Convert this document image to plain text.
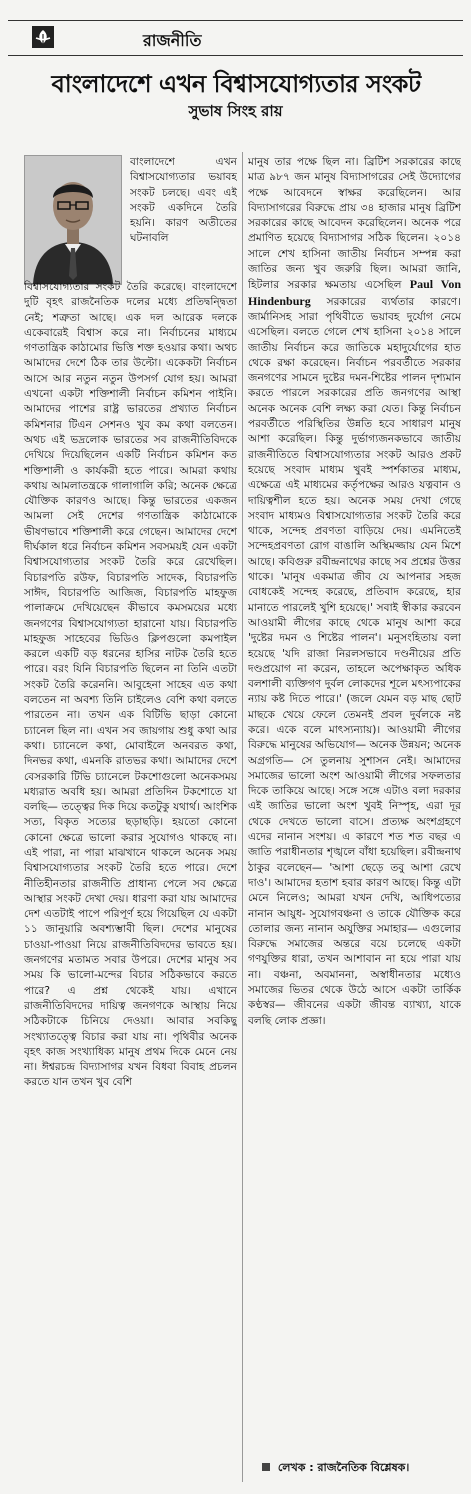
রাজনীতি
বাংলাদেশে এখন বিশ্বাসযোগ্যতার সংকট
সুভাষ সিংহ রায়
বাংলাদেশে এখন বিশ্বাসযোগ্যতার ভয়াবহ সংকট চলছে। এবং এই সংকট একদিনে তৈরি হয়নি। কারণ অতীতের ঘটনাবলি
বিশ্বাসযোগ্যতার সংকট তৈরি করেছে। বাংলাদেশে দুটি বৃহৎ রাজনৈতিক দলের মধ্যে প্রতিদ্বন্দ্বিতা নেই; শত্রুতা আছে। এক দল আরেক দলকে একেবারেই বিশ্বাস করে না। নির্বাচনের মাধ্যমে গণতান্ত্রিক কাঠামোর ভিত্তি শক্ত হওয়ার কথা। অথচ আমাদের দেশে ঠিক তার উল্টো। একেকটা নির্বাচন আসে আর নতুন নতুন উপসর্গ যোগ হয়। আমরা এখনো একটা শক্তিশালী নির্বাচন কমিশন পাইনি। আমাদের পাশের রাষ্ট্র ভারতের প্রখ্যাত নির্বাচন কমিশনার টিএন সেশনও খুব কম কথা বলতেন। অথচ এই ভদ্রলোক ভারতের সব রাজনীতিবিদকে দেখিয়ে দিয়েছিলেন একটি নির্বাচন কমিশন কত শক্তিশালী ও কার্যকরী হতে পারে। আমরা কথায় কথায় আমলাতন্ত্রকে গালাগালি করি; অনেক ক্ষেত্রে যৌক্তিক কারণও আছে। কিন্তু ভারতের একজন আমলা সেই দেশের গণতান্ত্রিক কাঠামোকে ভীষণভাবে শক্তিশালী করে গেছেন। আমাদের দেশে দীর্ঘকাল ধরে নির্বাচন কমিশন সবসময়ই যেন একটা বিশ্বাসযোগ্যতার সংকট তৈরি করে রেখেছিল। বিচারপতি রউফ, বিচারপতি সাদেক, বিচারপতি সাঈদ, বিচারপতি আজিজ, বিচারপতি মাহফুজ পালাক্রমে দেখিয়েছেন কীভাবে কমসময়ের মধ্যে জনগণের বিশ্বাসযোগ্যতা হারানো যায়। বিচারপতি মাহফুজ সাহেবের ভিডিও ক্লিপগুলো কমপাইল করলে একটি বড় ধরনের হাসির নাটক তৈরি হতে পারে। বরং যিনি বিচারপতি ছিলেন না তিনি এতটা সংকট তৈরি করেননি। আবুহেনা সাহেব এত কথা বলতেন না অবশ্য তিনি চাইলেও বেশি কথা বলতে পারতেন না। তখন এক বিটিভি ছাড়া কোনো চ্যানেল ছিল না। এখন সব জায়গায় শুধু কথা আর কথা। চ্যানেলে কথা, মোবাইলে অনবরত কথা, দিনভর কথা, এমনকি রাতভর কথা। আমাদের দেশে বেসরকারি টিভি চ্যানেলে টকশোগুলো অনেকসময় মধ্যরাত অবধি হয়। আমরা প্রতিদিন টকশোতে যা বলছি— তত্ত্বের দিক দিয়ে কতটুকু যথার্থ। আংশিক সত্য, বিকৃত সত্যের ছড়াছড়ি। হয়তো কোনো কোনো ক্ষেত্রে ভালো করার সুযোগও থাকছে না। এই পারা, না পারা মাঝখানে থাকলে অনেক সময় বিশ্বাসযোগ্যতার সংকট তৈরি হতে পারে। দেশে নীতিহীনতার রাজনীতি প্রাধান্য পেলে সব ক্ষেত্রে আস্থার সংকট দেখা দেয়। ধারণা করা যায় আমাদের দেশ এতটাই পাপে পরিপূর্ণ হয়ে গিয়েছিল যে একটা ১১ জানুয়ারি অবশ্যম্ভাবী ছিল। দেশের মানুষের চাওয়া-পাওয়া নিয়ে রাজনীতিবিদদের ভাবতে হয়। জনগণের মতামত সবার উপরে। দেশের মানুষ সব সময় কি ভালো-মন্দের বিচার সঠিকভাবে করতে পারে? এ প্রশ্ন থেকেই যায়। এখানে রাজনীতিবিদদের দায়িত্ব জনগণকে আস্থায় নিয়ে সঠিকটাকে চিনিয়ে দেওয়া। আবার সবকিছু সংখ্যাতত্ত্বে বিচার করা যায় না। পৃথিবীর অনেক বৃহৎ কাজ সংখ্যাধিক্য মানুষ প্রথম দিকে মেনে নেয় না। ঈশ্বরচন্দ্র বিদ্যাসাগর যখন বিধবা বিবাহ প্রচলন করতে যান তখন খুব বেশি
মানুষ তার পক্ষে ছিল না। ব্রিটিশ সরকারের কাছে মাত্র ৯৮৭ জন মানুষ বিদ্যাসাগরের সেই উদ্যোগের পক্ষে আবেদনে স্বাক্ষর করেছিলেন। আর বিদ্যাসাগরের বিরুদ্ধে প্রায় ৩৪ হাজার মানুষ ব্রিটিশ সরকারের কাছে আবেদন করেছিলেন। অনেক পরে প্রমাণিত হয়েছে বিদ্যাসাগর সঠিক ছিলেন। ২০১৪ সালে শেখ হাসিনা জাতীয় নির্বাচন সম্পন্ন করা জাতির জন্য খুব জরুরি ছিল। আমরা জানি, হিটলার সরকার ক্ষমতায় এসেছিল Paul Von Hindenburg সরকারের ব্যর্থতার কারণে। জার্মানিসহ সারা পৃথিবীতে ভয়াবহ দুর্যোগ নেমে এসেছিল। বলতে গেলে শেখ হাসিনা ২০১৪ সালে জাতীয় নির্বাচন করে জাতিকে মহাদুর্যোগের হাত থেকে রক্ষা করেছেন। নির্বাচন পরবর্তীতে সরকার জনগণের সামনে দুষ্টের দমন-শিষ্টের পালন দৃশ্যমান করতে পারলে সরকারের প্রতি জনগণের আস্থা অনেক অনেক বেশি লক্ষ্য করা যেত। কিন্তু নির্বাচন পরবর্তীতে পরিস্থিতির উন্নতি হবে সাধারণ মানুষ আশা করেছিল। কিন্তু দুর্ভাগ্যজনকভাবে জাতীয় রাজনীতিতে বিশ্বাসযোগ্যতার সংকট আরও প্রকট হয়েছে সংবাদ মাধ্যম খুবই স্পর্শকাতর মাধ্যম, এক্ষেত্রে এই মাধ্যমের কর্তৃপক্ষের আরও যত্নবান ও দায়িত্বশীল হতে হয়। অনেক সময় দেখা গেছে সংবাদ মাধ্যমও বিশ্বাসযোগ্যতার সংকট তৈরি করে থাকে, সন্দেহ প্রবণতা বাড়িয়ে দেয়। এমনিতেই সন্দেহপ্রবণতা রোগ বাঙালি অস্থিমজ্জায় যেন মিশে আছে। কবিগুরু রবীন্দ্রনাথের কাছে সব প্রশ্নের উত্তর থাকে। 'মানুষ একমাত্র জীব যে আপনার সহজ বোধকেই সন্দেহ করেছে, প্রতিবাদ করেছে, হার মানাতে পারলেই খুশি হয়েছে।' সবাই স্বীকার করবেন আওয়ামী লীগের কাছে থেকে মানুষ আশা করে 'দুষ্টের দমন ও শিষ্টের পালন'। মনুসংহিতায় বলা হয়েছে 'যদি রাজা নিরলসভাবে দণ্ডনীয়ের প্রতি দণ্ডপ্রয়োগ না করেন, তাহলে অপেক্ষাকৃত অধিক বলশালী ব্যক্তিগণ দুর্বল লোকদের শূলে মৎস্যপাকের ন্যায় কষ্ট দিতে পারে।' (জলে যেমন বড় মাছ ছোট মাছকে খেয়ে ফেলে তেমনই প্রবল দুর্বলকে নষ্ট করে। একে বলে মাৎস্যন্যায়)। আওয়ামী লীগের বিরুদ্ধে মানুষের অভিযোগ— অনেক উন্নয়ন; অনেক অগ্রগতি— সে তুলনায় সুশাসন নেই। আমাদের সমাজের ভালো অংশ আওয়ামী লীগের সফলতার দিকে তাকিয়ে আছে। সঙ্গে সঙ্গে এটাও বলা দরকার এই জাতির ভালো অংশ খুবই নিস্পৃহ, এরা দূর থেকে দেখতে ভালো বাসে। প্রত্যক্ষ অংশগ্রহণে এদের নানান সংশয়। এ কারণে শত শত বছর এ জাতি পরাধীনতার শৃঙ্খলে বাঁধা হয়েছিল। রবীন্দ্রনাথ ঠাকুর বলেছেন— 'আশা ছেড়ে তবু আশা রেখে দাও'। আমাদের হতাশ হবার কারণ আছে। কিন্তু এটা মেনে নিলেও; আমরা যখন দেখি, আধিপত্যের নানান আয়ুধ- সুযোগবঞ্চনা ও তাকে যৌক্তিক করে তোলার জন্য নানান অযুক্তির সমাহার— এগুলোর বিরুদ্ধে সমাজের অন্তরে বয়ে চলেছে একটা গণযুক্তির ধারা, তখন আশাবান না হয়ে পারা যায় না। বঞ্চনা, অবমাননা, অস্বাধীনতার মধ্যেও সমাজের ভিতর থেকে উঠে আসে একটা তার্কিক কণ্ঠস্বর— জীবনের একটা জীবন্ত ব্যাখ্যা, যাকে বলছি লোক প্রজ্ঞা।
লেখক : রাজনৈতিক বিশ্লেষক।
